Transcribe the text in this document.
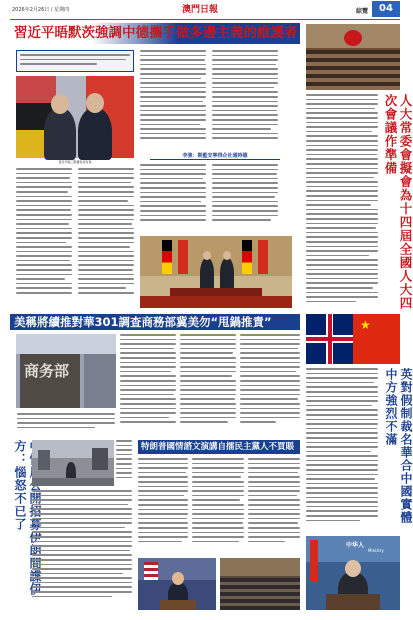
2026年2月26日 / 星期四	澳門日報	綜覽	04
習近平晤默茨強調中德攜手做多邊主義的維護者
習近平晤三默蕭有商有保
李強：期藍安寧得企社通時德	人大常委會擬會為十四屆全國人大四次會議作準備
美稱將續推對華301調查商務部冀美勿“甩鍋推責”
商务部
★
英對假制裁名華合中國實體中方強烈不滿
中华人
Ministry
開招募伊朗間諜伊方：惱怒不已了
特朗普國情諮文演講自擂民主黨人不買賬
